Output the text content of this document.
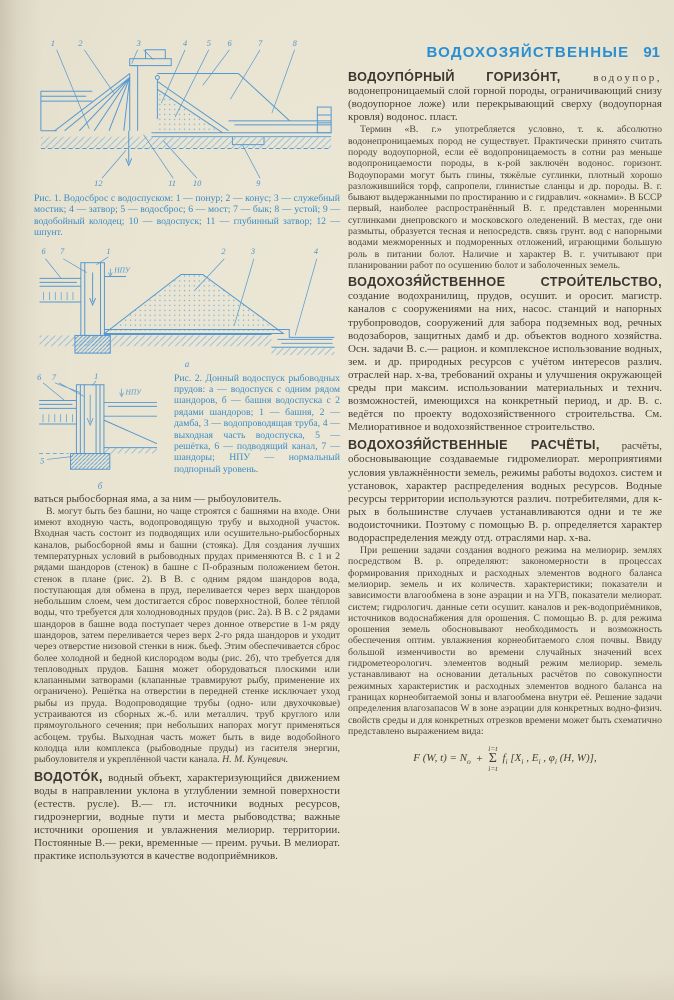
1	2	3	4 5 6	7	8
12	11 10	9

Рис. 1. Водосброс с водоспуском: 1 — понур; 2 — конус; 3 — служебный мостик; 4 — затвор; 5 — водосброс; 6 — мост; 7 — бык; 8 — устой; 9 — водобойный колодец; 10 — водоспуск; 11 — глубинный затвор; 12 — шпунт.

6 7	1	2	3	4
НПУ
а
6 7	1
5
НПУ
б

Рис. 2. Донный водоспуск рыбоводных прудов: а — водоспуск с одним рядом шандоров, б — башня водоспуска с 2 рядами шандоров; 1 — башня, 2 — дамба, 3 — водопроводящая труба, 4 — выходная часть водоспуска, 5 — решётка, 6 — подводящий канал, 7 — шандоры; НПУ — нормальный подпорный уровень.

ваться рыбосборная яма, а за ним — рыбоуловитель.

В. могут быть без башни, но чаще строятся с башнями на входе. Они имеют входную часть, водопроводящую трубу и выходной участок. Входная часть состоит из подводящих или осушительно-рыбосборных каналов, рыбосборной ямы и башни (стояка). Для создания лучших температурных условий в рыбоводных прудах применяются В. с 1 и 2 рядами шандоров (стенок) в башне с П-образным положением бетон. стенок в плане (рис. 2). В В. с одним рядом шандоров вода, поступающая для обмена в пруд, переливается через верх шандоров небольшим слоем, чем достигается сброс поверхностной, более тёплой воды, что требуется для холодноводных прудов (рис. 2а). В В. с 2 рядами шандоров в башне вода поступает через донное отверстие в 1-м ряду шандоров, затем переливается через верх 2-го ряда шандоров и уходит через отверстие низовой стенки в ниж. бьеф. Этим обеспечивается сброс более холодной и бедной кислородом воды (рис. 2б), что требуется для тепловодных прудов. Башня может оборудоваться плоскими или клапанными затворами (клапанные травмируют рыбу, применение их ограничено). Решётка на отверстии в передней стенке исключает уход рыбы из пруда. Водопроводящие трубы (одно- или двухочковые) устраиваются из сборных ж.-б. или металлич. труб круглого или прямоугольного сечения; при небольших напорах могут применяться асбоцем. трубы. Выходная часть может быть в виде водобойного колодца или комплекса (рыбоводные пруды) из гасителя энергии, рыбоуловителя и укреплённой части канала. Н. М. Кунцевич.

ВОДОТО́К, водный объект, характеризующийся движением воды в направлении уклона в углублении земной поверхности (естеств. русле). В.— гл. источники водных ресурсов, гидроэнергии, водные пути и места рыбоводства; важные источники орошения и увлажнения мелиорир. территории. Постоянные В.— реки, временные — преим. ручьи. В мелиорат. практике используются в качестве водоприёмников.

ВОДОХОЗЯЙСТВЕННЫЕ 91

ВОДОУПО́РНЫЙ ГОРИЗО́НТ, водоупор, водонепроницаемый слой горной породы, ограничивающий снизу (водоупорное ложе) или перекрывающий сверху (водоупорная кровля) водонос. пласт.

Термин «В. г.» употребляется условно, т. к. абсолютно водонепроницаемых пород не существует. Практически принято считать породу водоупорной, если её водопроницаемость в сотни раз меньше водопроницаемости породы, в к-рой заключён водонос. горизонт. Водоупорами могут быть глины, тяжёлые суглинки, плотный хорошо разложившийся торф, сапропели, глинистые сланцы и др. породы. В. г. бывают выдержанными по простиранию и с гидравлич. «окнами». В БССР первый, наиболее распространённый В. г. представлен моренными суглинками днепровского и московского оледенений. В местах, где они размыты, образуется тесная и непосредств. связь грунт. вод с напорными водами межморенных и подморенных отложений, играющими большую роль в питании болот. Наличие и характер В. г. учитывают при планировании работ по осушению болот и заболоченных земель.

ВОДОХОЗЯ́ЙСТВЕННОЕ СТРОИ́ТЕЛЬСТВО, создание водохранилищ, прудов, осушит. и оросит. магистр. каналов с сооружениями на них, насос. станций и напорных трубопроводов, сооружений для забора подземных вод, речных водозаборов, защитных дамб и др. объектов водного хозяйства. Осн. задачи В. с.— рацион. и комплексное использование водных, зем. и др. природных ресурсов с учётом интересов различ. отраслей нар. х-ва, требований охраны и улучшения окружающей среды при максим. использовании материальных и технич. возможностей, имеющихся на конкретный период, и др. В. с. ведётся по проекту водохозяйственного строительства. См. Мелиоративное и водохозяйственное строительство.

ВОДОХОЗЯ́ЙСТВЕННЫЕ РАСЧЁТЫ, расчёты, обосновывающие создаваемые гидромелиорат. мероприятиями условия увлажнённости земель, режимы работы водохоз. систем и установок, характер распределения водных ресурсов. Водные ресурсы территории используются различ. потребителями, для к-рых в большинстве случаев устанавливаются одни и те же водоисточники. Поэтому с помощью В. р. определяется характер водораспределения между отд. отраслями нар. х-ва.

При решении задачи создания водного режима на мелиорир. землях посредством В. р. определяют: закономерности в процессах формирования приходных и расходных элементов водного баланса мелиорир. земель и их количеств. характеристики; показатели и зависимости влагообмена в зоне аэрации и на УГВ, показатели мелиорат. систем; гидрологич. данные сети осушит. каналов и рек-водоприёмников, источников водоснабжения для орошения. С помощью В. р. для режима орошения земель обосновывают необходимость и возможность обеспечения оптим. увлажнения корнеобитаемого слоя почвы. Ввиду большой изменчивости во времени случайных значений всех гидрометеорологич. элементов водный режим мелиорир. земель устанавливают на основании детальных расчётов по совокупности режимных характеристик и расходных элементов водного баланса на границах корнеобитаемой зоны и влагообмена внутри её. Решение задачи определения влагозапасов W в зоне аэрации для конкретных водно-физич. свойств среды и для конкретных отрезков времени может быть схематично представлено выражением вида:

F (W, $t) = N_o$ +
i=t
Σ
i=t
$f_i$ [$X_i$ , $E_i$ , $\varphi_i$ (H, W)],
